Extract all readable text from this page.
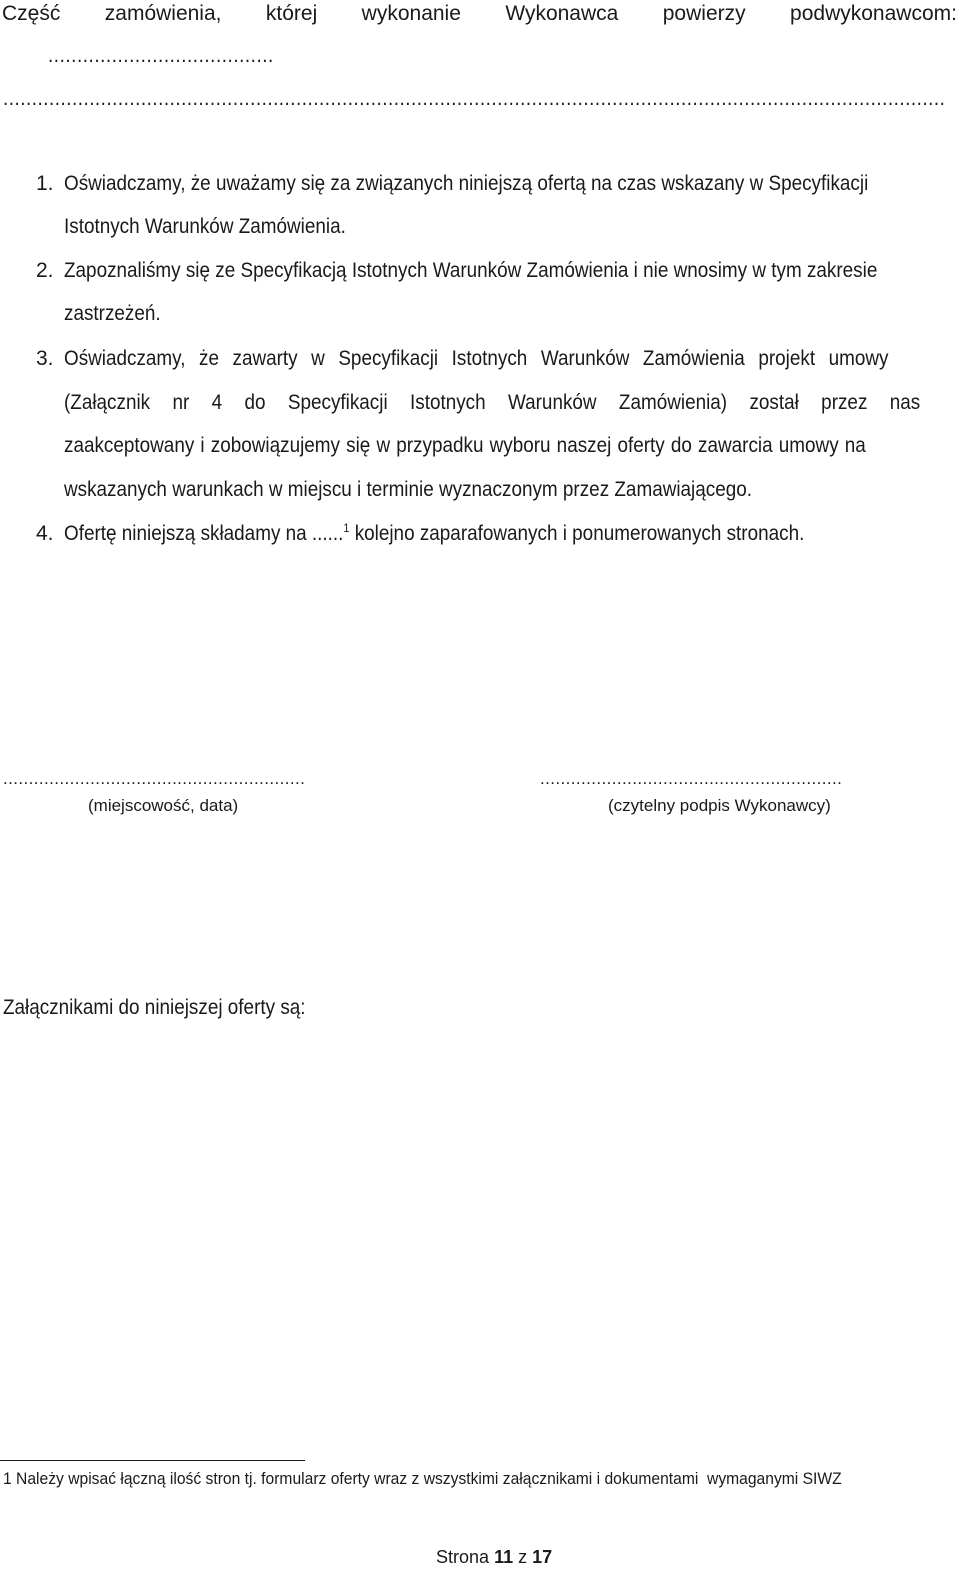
Część zamówienia, której wykonanie Wykonawca powierzy podwykonawcom:
.......................................
....................................................................................................................................................................
1. Oświadczamy, że uważamy się za związanych niniejszą ofertą na czas wskazany w Specyfikacji
Istotnych Warunków Zamówienia.
2. Zapoznaliśmy się ze Specyfikacją Istotnych Warunków Zamówienia i nie wnosimy w tym zakresie
zastrzeżeń.
3. Oświadczamy, że zawarty w Specyfikacji Istotnych Warunków Zamówienia projekt umowy
(Załącznik nr 4 do Specyfikacji Istotnych Warunków Zamówienia) został przez nas
zaakceptowany i zobowiązujemy się w przypadku wyboru naszej oferty do zawarcia umowy na
wskazanych warunkach w miejscu i terminie wyznaczonym przez Zamawiającego.
4. Ofertę niniejszą składamy na ......$^1$ kolejno zaparafowanych i ponumerowanych stronach.
...........................................................
(miejscowość, data)
...........................................................
(czytelny podpis Wykonawcy)
Załącznikami do niniejszej oferty są:
1 Należy wpisać łączną ilość stron tj. formularz oferty wraz z wszystkimi załącznikami i dokumentami  wymaganymi SIWZ

Strona 11 z 17
